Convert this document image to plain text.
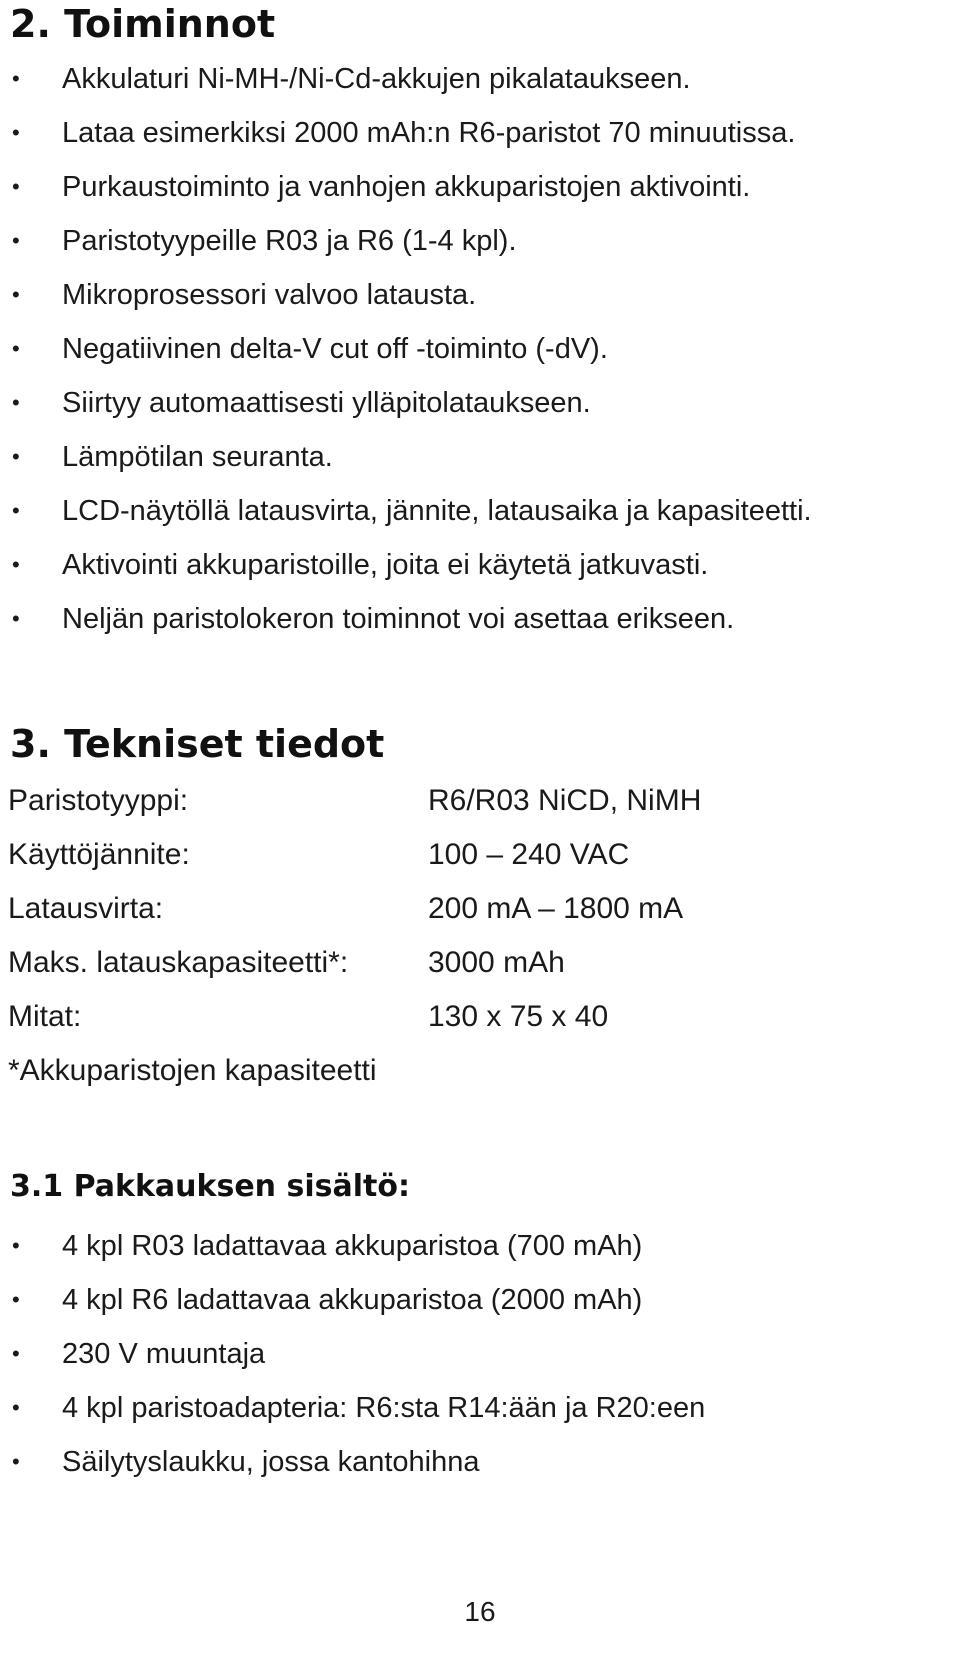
2. Toiminnot
• Akkulaturi Ni-MH-/Ni-Cd-akkujen pikalataukseen.
• Lataa esimerkiksi 2000 mAh:n R6-paristot 70 minuutissa.
• Purkaustoiminto ja vanhojen akkuparistojen aktivointi.
• Paristotyypeille R03 ja R6 (1-4 kpl).
• Mikroprosessori valvoo latausta.
• Negatiivinen delta-V cut off -toiminto (-dV).
• Siirtyy automaattisesti ylläpitolataukseen.
• Lämpötilan seuranta.
• LCD-näytöllä latausvirta, jännite, latausaika ja kapasiteetti.
• Aktivointi akkuparistoille, joita ei käytetä jatkuvasti.
• Neljän paristolokeron toiminnot voi asettaa erikseen.
3. Tekniset tiedot
Paristotyyppi:	R6/R03 NiCD, NiMH
Käyttöjännite:	100 – 240 VAC
Latausvirta:	200 mA – 1800 mA
Maks. latauskapasiteetti*:	3000 mAh
Mitat:	130 x 75 x 40
*Akkuparistojen kapasiteetti
3.1 Pakkauksen sisältö:
• 4 kpl R03 ladattavaa akkuparistoa (700 mAh)
• 4 kpl R6 ladattavaa akkuparistoa (2000 mAh)
• 230 V muuntaja
• 4 kpl paristoadapteria: R6:sta R14:ään ja R20:een
• Säilytyslaukku, jossa kantohihna
16
